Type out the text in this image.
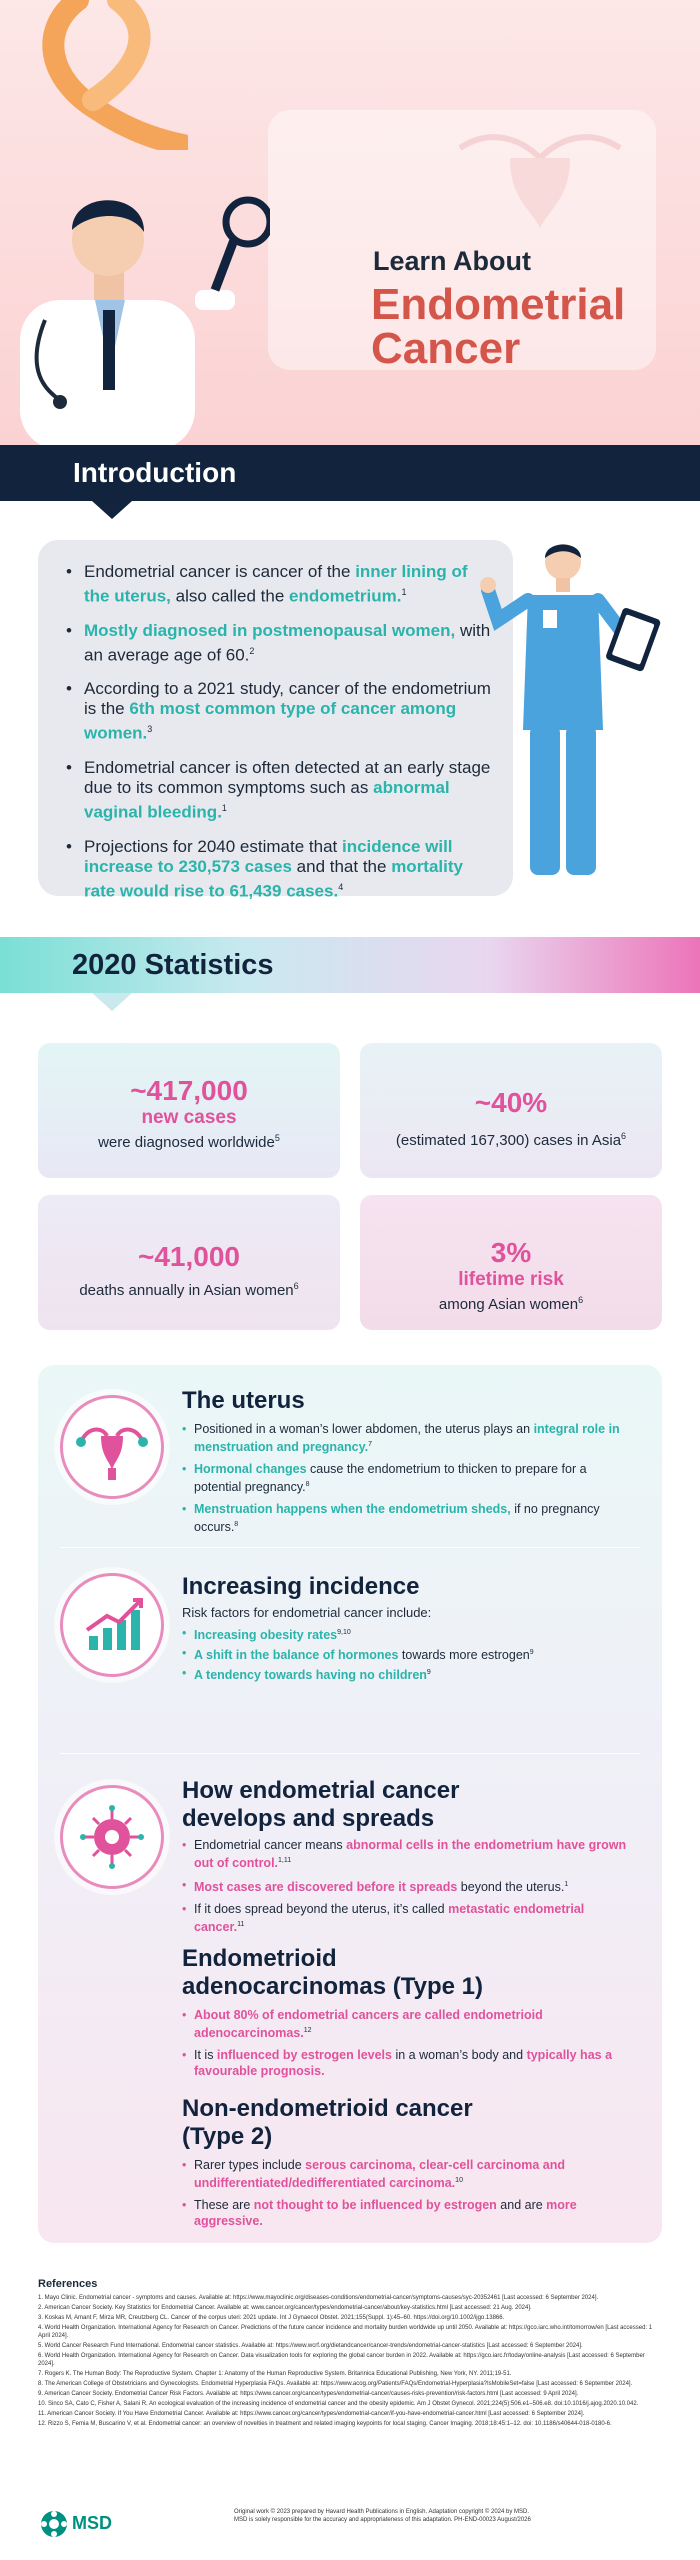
Learn About
Endometrial
Cancer
Introduction
• Endometrial cancer is cancer of the inner lining of the uterus, also called the endometrium.$^1$
• Mostly diagnosed in postmenopausal women, with an average age of 60.$^2$
• According to a 2021 study, cancer of the endometrium is the 6th most common type of cancer among women.$^3$
• Endometrial cancer is often detected at an early stage due to its common symptoms such as abnormal vaginal bleeding.$^1$
• Projections for 2040 estimate that incidence will increase to 230,573 cases and that the mortality rate would rise to 61,439 cases.$^4$
2020 Statistics
~417,000
new cases
were diagnosed worldwide$^5$
~40%
(estimated 167,300) cases in Asia$^6$
~41,000
deaths annually in Asian women$^6$
3%
lifetime risk
among Asian women$^6$
The uterus
• Positioned in a woman’s lower abdomen, the uterus plays an integral role in menstruation and pregnancy.$^7$
• Hormonal changes cause the endometrium to thicken to prepare for a potential pregnancy.$^8$
• Menstruation happens when the endometrium sheds, if no pregnancy occurs.$^8$
Increasing incidence
Risk factors for endometrial cancer include:
• Increasing obesity rates$^{9,10}$
• A shift in the balance of hormones towards more estrogen$^9$
• A tendency towards having no children$^9$
How endometrial cancer develops and spreads
• Endometrial cancer means abnormal cells in the endometrium have grown out of control.$^{1,11}$
• Most cases are discovered before it spreads beyond the uterus.$^1$
• If it does spread beyond the uterus, it’s called metastatic endometrial cancer.$^{11}$
Endometrioid adenocarcinomas (Type 1)
• About 80% of endometrial cancers are called endometrioid adenocarcinomas.$^{12}$
• It is influenced by estrogen levels in a woman’s body and typically has a favourable prognosis.
Non-endometrioid cancer (Type 2)
• Rarer types include serous carcinoma, clear-cell carcinoma and undifferentiated/dedifferentiated carcinoma.$^{10}$
• These are not thought to be influenced by estrogen and are more aggressive.
References
1. Mayo Clinic. Endometrial cancer - symptoms and causes. Available at: https://www.mayoclinic.org/diseases-conditions/endometrial-cancer/symptoms-causes/syc-20352461 [Last accessed: 6 September 2024].
2. American Cancer Society. Key Statistics for Endometrial Cancer. Available at: www.cancer.org/cancer/types/endometrial-cancer/about/key-statistics.html [Last accessed: 21 Aug. 2024].
3. Koskas M, Amant F, Mirza MR, Creutzberg CL. Cancer of the corpus uteri: 2021 update. Int J Gynaecol Obstet. 2021;155(Suppl. 1):45–60. https://doi.org/10.1002/ijgo.13866.
4. World Health Organization. International Agency for Research on Cancer. Predictions of the future cancer incidence and mortality burden worldwide up until 2050. Available at: https://gco.iarc.who.int/tomorrow/en [Last accessed: 1 April 2024].
5. World Cancer Research Fund International. Endometrial cancer statistics. Available at: https://www.wcrf.org/dietandcancer/cancer-trends/endometrial-cancer-statistics [Last accessed: 6 September 2024].
6. World Health Organization. International Agency for Research on Cancer. Data visualization tools for exploring the global cancer burden in 2022. Available at: https://gco.iarc.fr/today/online-analysis [Last accessed: 6 September 2024].
7. Rogers K. The Human Body: The Reproductive System. Chapter 1: Anatomy of the Human Reproductive System. Britannica Educational Publishing, New York, NY. 2011;19-51.
8. The American College of Obstetricians and Gynecologists. Endometrial Hyperplasia FAQs. Available at: https://www.acog.org/Patients/FAQs/Endometrial-Hyperplasia?IsMobileSet=false [Last accessed: 6 September 2024].
9. American Cancer Society. Endometrial Cancer Risk Factors. Available at: https://www.cancer.org/cancer/types/endometrial-cancer/causes-risks-prevention/risk-factors.html [Last accessed: 9 April 2024].
10. Sinco SA, Cato C, Fisher A, Salani R. An ecological evaluation of the increasing incidence of endometrial cancer and the obesity epidemic. Am J Obstet Gynecol. 2021;224(5):506.e1–506.e8. doi:10.1016/j.ajog.2020.10.042.
11. American Cancer Society. If You Have Endometrial Cancer. Available at: https://www.cancer.org/cancer/types/endometrial-cancer/if-you-have-endometrial-cancer.html [Last accessed: 6 September 2024].
12. Rizzo S, Femia M, Buscarino V, et al. Endometrial cancer: an overview of novelties in treatment and related imaging keypoints for local staging. Cancer Imaging. 2018;18:45:1–12. doi: 10.1186/s40644-018-0180-6.
MSD
Original work © 2023 prepared by Havard Health Publications in English. Adaptation copyright © 2024 by MSD. MSD is solely responsible for the accuracy and appropriateness of this adaptation. PH-END-00023 August/2026
